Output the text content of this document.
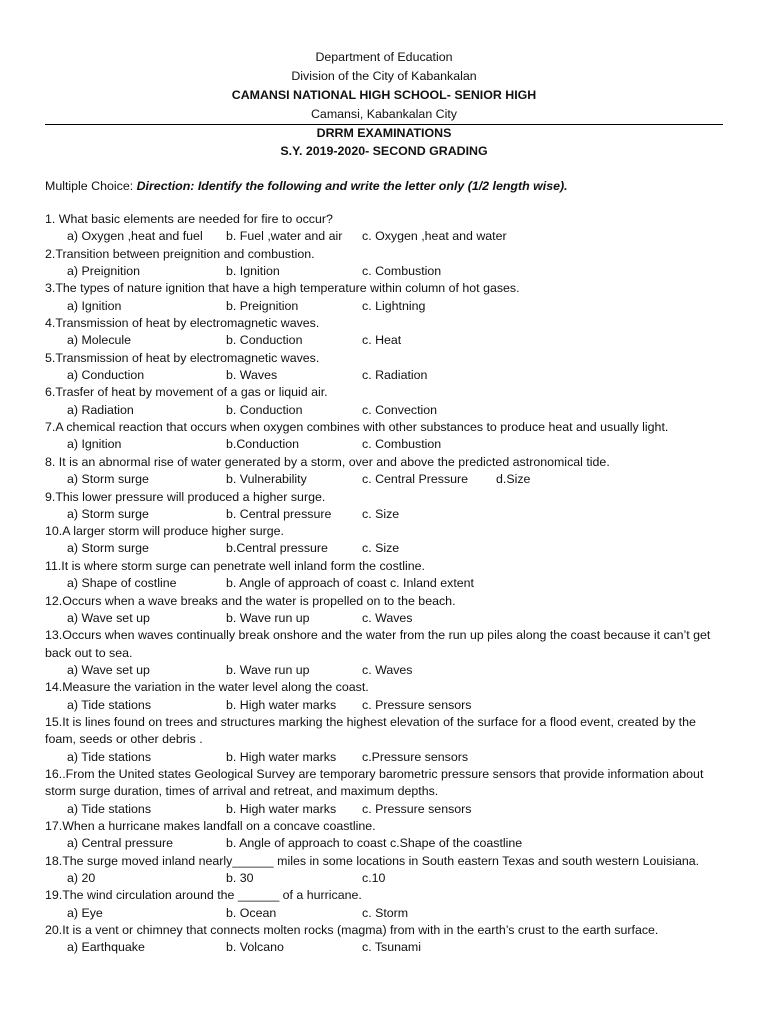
Department of Education
Division of the City of Kabankalan
CAMANSI NATIONAL HIGH SCHOOL- SENIOR HIGH
Camansi, Kabankalan City
DRRM EXAMINATIONS
S.Y. 2019-2020- SECOND GRADING
Multiple Choice: Direction: Identify the following and write the letter only (1/2 length wise).
1. What basic elements are needed for fire to occur?
a) Oxygen ,heat and fuel b. Fuel ,water and air c. Oxygen ,heat and water
2.Transition between preignition and combustion.
a) Preignition	b. Ignition	c. Combustion
3.The types of nature ignition that have a high temperature within column of hot gases.
a) Ignition	b. Preignition	c. Lightning
4.Transmission of heat by electromagnetic waves.
a) Molecule	b. Conduction	c. Heat
5.Transmission of heat by electromagnetic waves.
a) Conduction	b. Waves	c. Radiation
6.Trasfer of heat by movement of a gas or liquid air.
a) Radiation	b. Conduction	c. Convection
7.A chemical reaction that occurs when oxygen combines with other substances to produce heat and usually light.
a) Ignition	b.Conduction	c. Combustion
8. It is an abnormal rise of water generated by a storm, over and above the predicted astronomical tide.
a) Storm surge	b. Vulnerability	c. Central Pressure d.Size
9.This lower pressure will produced a higher surge.
a) Storm surge	b. Central pressure c. Size
10.A larger storm will produce higher surge.
a) Storm surge	b.Central pressure	c. Size
11.It is where storm surge can penetrate well inland form the costline.
a) Shape of costline	b. Angle of approach of coast c. Inland extent
12.Occurs when a wave breaks and the water is propelled on to the beach.
a) Wave set up	b. Wave run up	c. Waves
13.Occurs when waves continually break onshore and the water from the run up piles along the coast because it can’t get back out to sea.
a) Wave set up	b. Wave run up	c. Waves
14.Measure the variation in the water level along the coast.
a) Tide stations	b. High water marks c. Pressure sensors
15.It is lines found on trees and structures marking the highest elevation of the surface for a flood event, created by the foam, seeds or other debris .
a) Tide stations	b. High water marks c.Pressure sensors
16..From the United states Geological Survey are temporary barometric pressure sensors that provide information about storm surge duration, times of arrival and retreat, and maximum depths.
a) Tide stations	b. High water marks c. Pressure sensors
17.When a hurricane makes landfall on a concave coastline.
a) Central pressure	b. Angle of approach to coast c.Shape of the coastline
18.The surge moved inland nearly______ miles in some locations in South eastern Texas and south western Louisiana.
a) 20	b. 30	c.10
19.The wind circulation around the ______ of a hurricane.
a) Eye	b. Ocean	c. Storm
20.It is a vent or chimney that connects molten rocks (magma) from with in the earth’s crust to the earth surface.
a) Earthquake	b. Volcano	c. Tsunami
